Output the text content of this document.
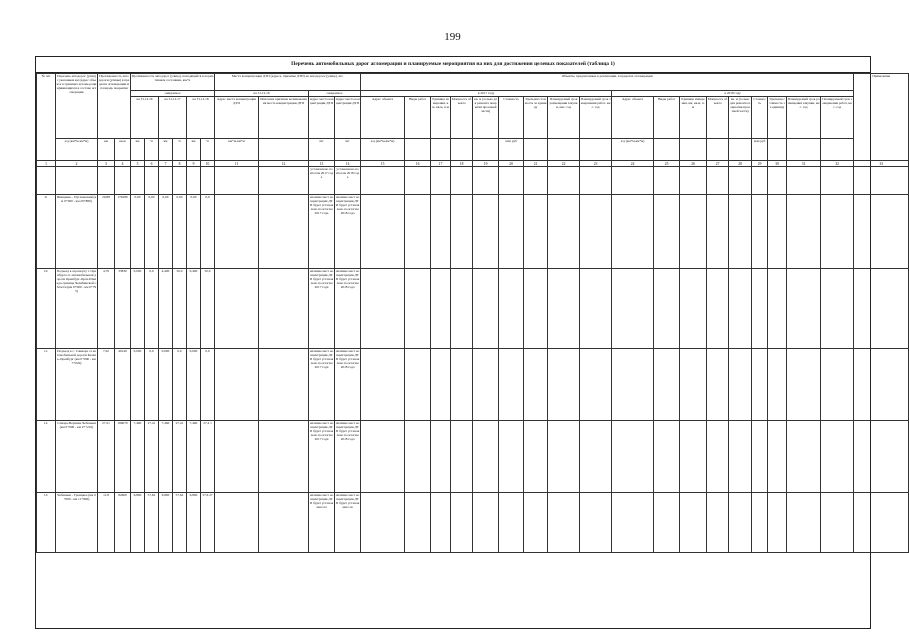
199
Перечень автомобильных дорог агломерации и планируемые мероприятия на них для достижения целевых показателей (таблица 1)
№ п/п	Перечень автодорог (улиц) с указанием км (адрес объекта в границах агломе-рации)имеющихся в составе агломерации	Протяженность автодороги (улицы) в пределах агломерации и площадь покрытия		Протяженность автодорог (улица), находящейся в нормативном состоянии, км/%						Места концентрации ДТП (адреса, причины ДТП) на автодороге (улице), шт.				Объекты, предлагаемые к реализации, в пределах агломерации																		Примечание
				ожидаемое						на 31.12.16		ожидаемое		в 2017 году									в 2018 году									
				на 31.12.16		на 31.12.17		на 31.12.18		Адрес места концентрации ДТП	Описание причины возникновения места концентрации ДТП	Адрес места концентрации ДТП	Адрес места концентрации ДТП	Адрес объекта	Виды работ	Единица измерения, км, кв.м, п.м	Мощность объекта	кв. м (только для ремонта покрытия проезжей части)	Стоимость	Удельная стоимость за единицу	Планируемый срок размещения закупки, мес. год	Планируемый срок завершения работ, мес. год	Адрес объекта	Виды работ	Единица измерения, км, кв.м, п.м	Мощность объекта	кв. м (только для ремонта покрытия проезжей части)	Стоимость	Удельная стоимость за единицу	Планируемый срок размещения закупки, мес. год	Планируемый срок завершения работ, мес. год	
	а/д (км*м-км*м)	км	кв.м	км	%	км	%	км	%	км*м-км*м		шт	шт	а/д (км*м-км*м)					млн руб				а/д (км*м-км*м)					млн руб				
1	2	3	4	5	6	7	8	9	10	11	12	13	14	15	16	17	18	19	20	21	22	23	24	25	26	27	28	29	30	31	32	33
												установлено по итогам 2017 года	установлено по итогам 2018 года																			
9.	Иващенко - Пугачевский (км 0+000 - км 29+880)	29,88	179280	0,00	0,00	0,00	0,00	0,00	0,0			наличие мест концентрации ДТП будет установлено по итогам 2017 года	наличие мест концентрации ДТП будет установлено по итогам 2018 года																			
10.	Подъезд к аэропорту г. Оренбурга от автомобильной дороги Оренбург-Орск-Шильда-граница Челябинской области (км 0+000 - км 0+795)	4,79	33830	0,000	0,0	4,400	50,0	0,400	50,0			наличие мест концентрации ДТП будет установлено по итогам 2017 года	наличие мест концентрации ДТП будет установлено по итогам 2018 года																			
11.	Подъезд к с. Сакмара от автомобильной дороги Казань-Оренбург (км 0+000 - км 7+020)	7,02	49140	0,000	0,0	0,000	0,0	0,000	0,0			наличие мест концентрации ДТП будет установлено по итогам 2017 года	наличие мест концентрации ДТП будет установлено по итогам 2018 года																			
12.	Самара-Верхние Чебеньки (км 0+000 - км 27+210)	27,21	166070	7,460	27,41	7,460	27,41	7,460	27,4 1			наличие мест концентрации ДТП будет установлено по итогам 2017 года	наличие мест концентрации ДТП будет установлено по итогам 2018 года																			
13.	Чебеньки - Троицкое (км 0+000 - км 11+800)	11,8	82600	6,800	57,62	6,800	57,62	6,800	57,6 27			наличие мест концентрации ДТП будет установлено по	наличие мест концентрации ДТП будет установлено по																			
